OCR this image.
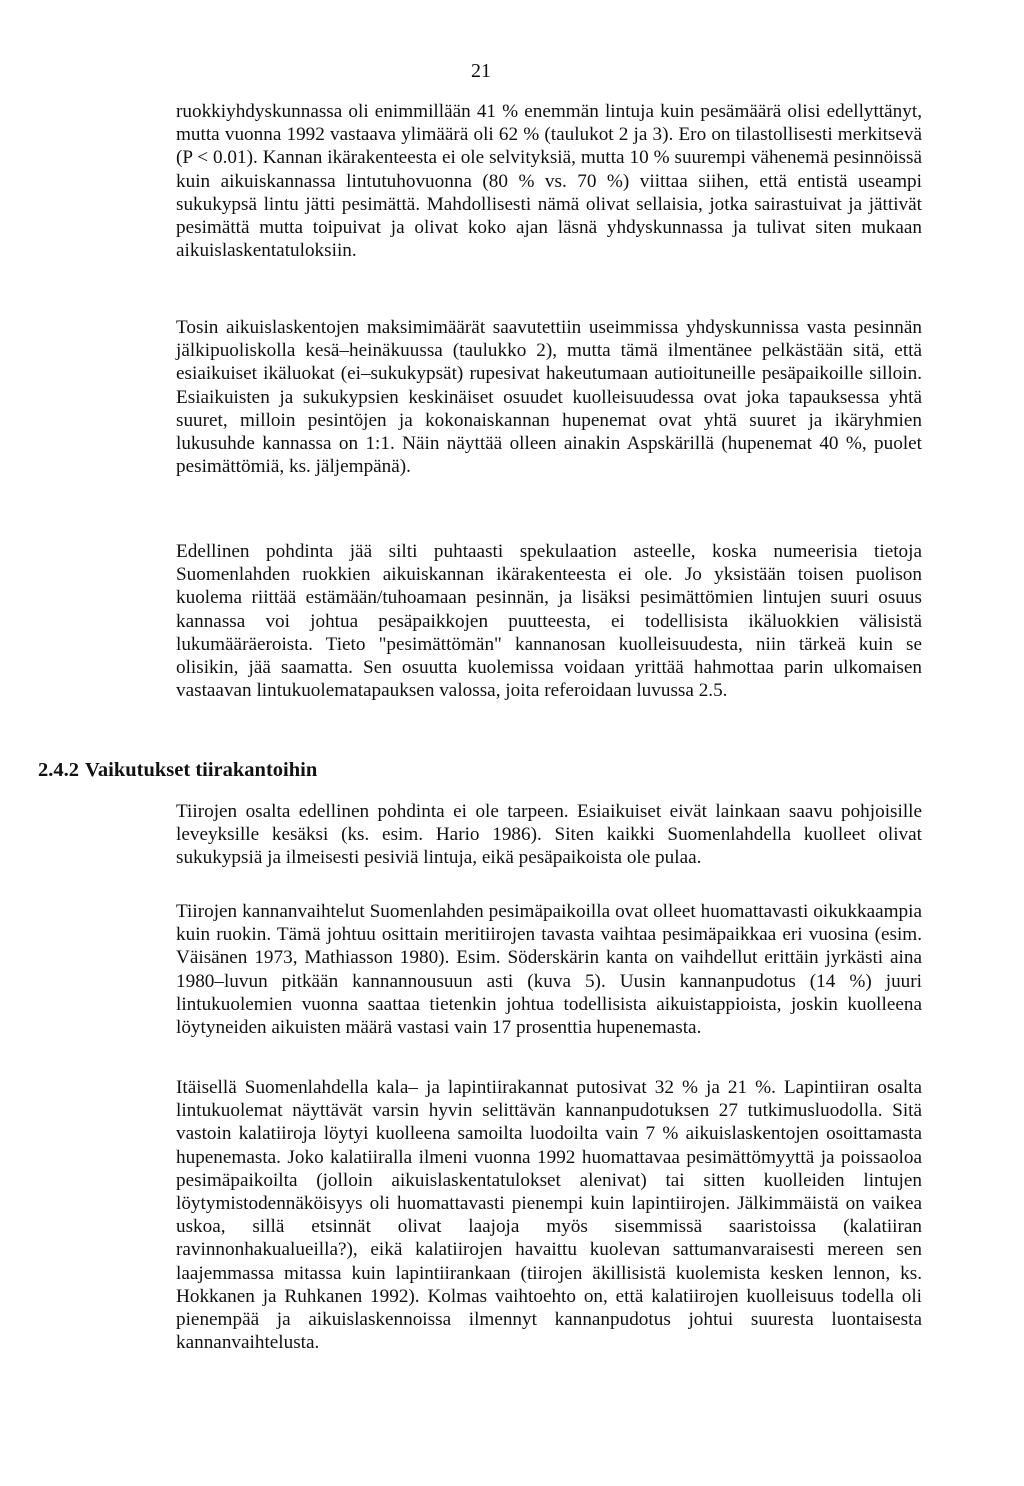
21

ruokkiyhdyskunnassa oli enimmillään 41 % enemmän lintuja kuin pesämäärä olisi edellyttänyt, mutta vuonna 1992 vastaava ylimäärä oli 62 % (taulukot 2 ja 3). Ero on tilastollisesti merkitsevä (P < 0.01). Kannan ikärakenteesta ei ole selvityksiä, mutta 10 % suurempi vähenemä pesinnöissä kuin aikuiskannassa lintutuhovuonna (80 % vs. 70 %) viittaa siihen, että entistä useampi sukukypsä lintu jätti pesimättä. Mahdollisesti nämä olivat sellaisia, jotka sairastuivat ja jättivät pesimättä mutta toipuivat ja olivat koko ajan läsnä yhdyskunnassa ja tulivat siten mukaan aikuislaskentatuloksiin.

Tosin aikuislaskentojen maksimimäärät saavutettiin useimmissa yhdyskunnissa vasta pesinnän jälkipuoliskolla kesä–heinäkuussa (taulukko 2), mutta tämä ilmentänee pelkästään sitä, että esiaikuiset ikäluokat (ei–sukukypsät) rupesivat hakeutumaan autioituneille pesäpaikoille silloin. Esiaikuisten ja sukukypsien keskinäiset osuudet kuolleisuudessa ovat joka tapauksessa yhtä suuret, milloin pesintöjen ja kokonaiskannan hupenemat ovat yhtä suuret ja ikäryhmien lukusuhde kannassa on 1:1. Näin näyttää olleen ainakin Aspskärillä (hupenemat 40 %, puolet pesimättömiä, ks. jäljempänä).

Edellinen pohdinta jää silti puhtaasti spekulaation asteelle, koska numeerisia tietoja Suomenlahden ruokkien aikuiskannan ikärakenteesta ei ole. Jo yksistään toisen puolison kuolema riittää estämään/tuhoamaan pesinnän, ja lisäksi pesimättömien lintujen suuri osuus kannassa voi johtua pesäpaikkojen puutteesta, ei todellisista ikäluokkien välisistä lukumääräeroista. Tieto "pesimättömän" kannanosan kuolleisuudesta, niin tärkeä kuin se olisikin, jää saamatta. Sen osuutta kuolemissa voidaan yrittää hahmottaa parin ulkomaisen vastaavan lintukuolematapauksen valossa, joita referoidaan luvussa 2.5.

2.4.2 Vaikutukset tiirakantoihin

Tiirojen osalta edellinen pohdinta ei ole tarpeen. Esiaikuiset eivät lainkaan saavu pohjoisille leveyksille kesäksi (ks. esim. Hario 1986). Siten kaikki Suomenlahdella kuolleet olivat sukukypsiä ja ilmeisesti pesiviä lintuja, eikä pesäpaikoista ole pulaa.

Tiirojen kannanvaihtelut Suomenlahden pesimäpaikoilla ovat olleet huomattavasti oikukkaampia kuin ruokin. Tämä johtuu osittain meritiirojen tavasta vaihtaa pesimäpaikkaa eri vuosina (esim. Väisänen 1973, Mathiasson 1980). Esim. Söderskärin kanta on vaihdellut erittäin jyrkästi aina 1980–luvun pitkään kannannousuun asti (kuva 5). Uusin kannanpudotus (14 %) juuri lintukuolemien vuonna saattaa tietenkin johtua todellisista aikuistappioista, joskin kuolleena löytyneiden aikuisten määrä vastasi vain 17 prosenttia hupenemasta.

Itäisellä Suomenlahdella kala– ja lapintiirakannat putosivat 32 % ja 21 %. Lapintiiran osalta lintukuolemat näyttävät varsin hyvin selittävän kannanpudotuksen 27 tutkimusluodolla. Sitä vastoin kalatiiroja löytyi kuolleena samoilta luodoilta vain 7 % aikuislaskentojen osoittamasta hupenemasta. Joko kalatiiralla ilmeni vuonna 1992 huomattavaa pesimättömyyttä ja poissaoloa pesimäpaikoilta (jolloin aikuislaskentatulokset alenivat) tai sitten kuolleiden lintujen löytymistodennäköisyys oli huomattavasti pienempi kuin lapintiirojen. Jälkimmäistä on vaikea uskoa, sillä etsinnät olivat laajoja myös sisemmissä saaristoissa (kalatiiran ravinnonhakualueilla?), eikä kalatiirojen havaittu kuolevan sattumanvaraisesti mereen sen laajemmassa mitassa kuin lapintiirankaan (tiirojen äkillisistä kuolemista kesken lennon, ks. Hokkanen ja Ruhkanen 1992). Kolmas vaihtoehto on, että kalatiirojen kuolleisuus todella oli pienempää ja aikuislaskennoissa ilmennyt kannanpudotus johtui suuresta luontaisesta kannanvaihtelusta.
